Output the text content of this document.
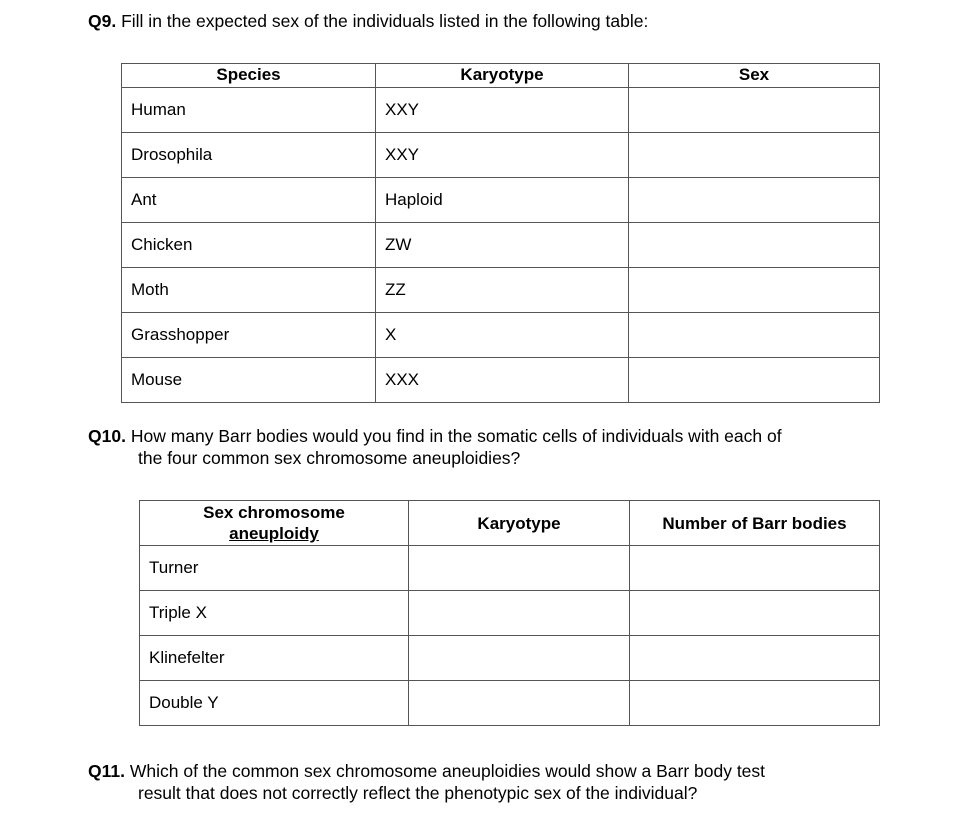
Q9. Fill in the expected sex of the individuals listed in the following table:

Species	Karyotype	Sex
Human	XXY	
Drosophila	XXY	
Ant	Haploid	
Chicken	ZW	
Moth	ZZ	
Grasshopper	X	
Mouse	XXX	
Q10. How many Barr bodies would you find in the somatic cells of individuals with each of
the four common sex chromosome aneuploidies?
Sex chromosome
aneuploidy	Karyotype	Number of Barr bodies
Turner		
Triple X		
Klinefelter		
Double Y		
Q11. Which of the common sex chromosome aneuploidies would show a Barr body test
result that does not correctly reflect the phenotypic sex of the individual?
